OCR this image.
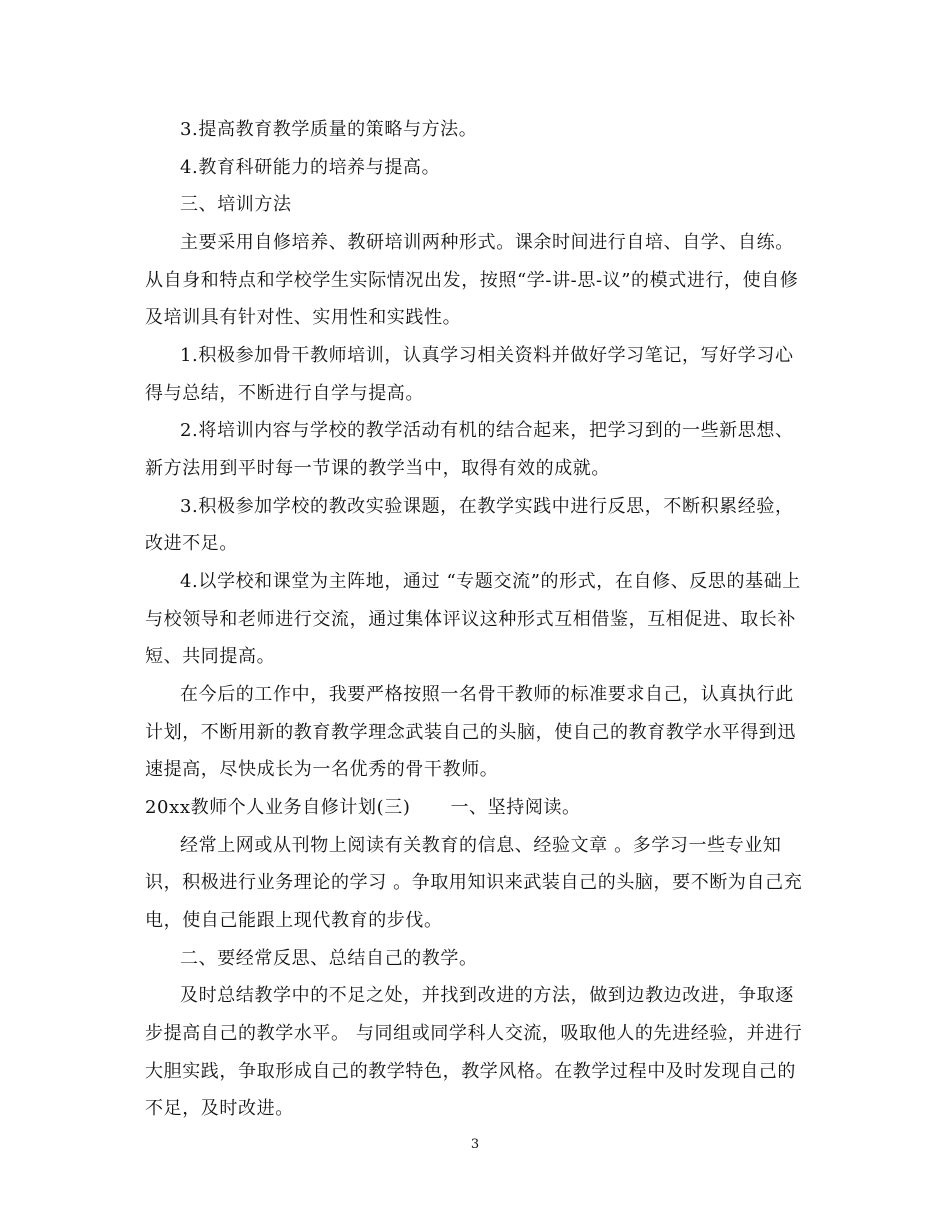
3.提高教育教学质量的策略与方法。
4.教育科研能力的培养与提高。
三、培训方法
主要采用自修培养、教研培训两种形式。课余时间进行自培、自学、自练。
从自身和特点和学校学生实际情况出发，按照“学-讲-思-议”的模式进行，使自修
及培训具有针对性、实用性和实践性。
1.积极参加骨干教师培训，认真学习相关资料并做好学习笔记，写好学习心
得与总结，不断进行自学与提高。
2.将培训内容与学校的教学活动有机的结合起来，把学习到的一些新思想、
新方法用到平时每一节课的教学当中，取得有效的成就。
3.积极参加学校的教改实验课题，在教学实践中进行反思，不断积累经验，
改进不足。
4.以学校和课堂为主阵地，通过 “专题交流”的形式，在自修、反思的基础上
与校领导和老师进行交流，通过集体评议这种形式互相借鉴，互相促进、取长补
短、共同提高。
在今后的工作中，我要严格按照一名骨干教师的标准要求自己，认真执行此
计划，不断用新的教育教学理念武装自己的头脑，使自己的教育教学水平得到迅
速提高，尽快成长为一名优秀的骨干教师。
20xx教师个人业务自修计划(三) 一、坚持阅读。
经常上网或从刊物上阅读有关教育的信息、经验文章 。多学习一些专业知
识，积极进行业务理论的学习 。争取用知识来武装自己的头脑，要不断为自己充
电，使自己能跟上现代教育的步伐。
二、要经常反思、总结自己的教学。
及时总结教学中的不足之处，并找到改进的方法，做到边教边改进，争取逐
步提高自己的教学水平。 与同组或同学科人交流，吸取他人的先进经验，并进行
大胆实践，争取形成自己的教学特色，教学风格。在教学过程中及时发现自己的
不足，及时改进。
3
